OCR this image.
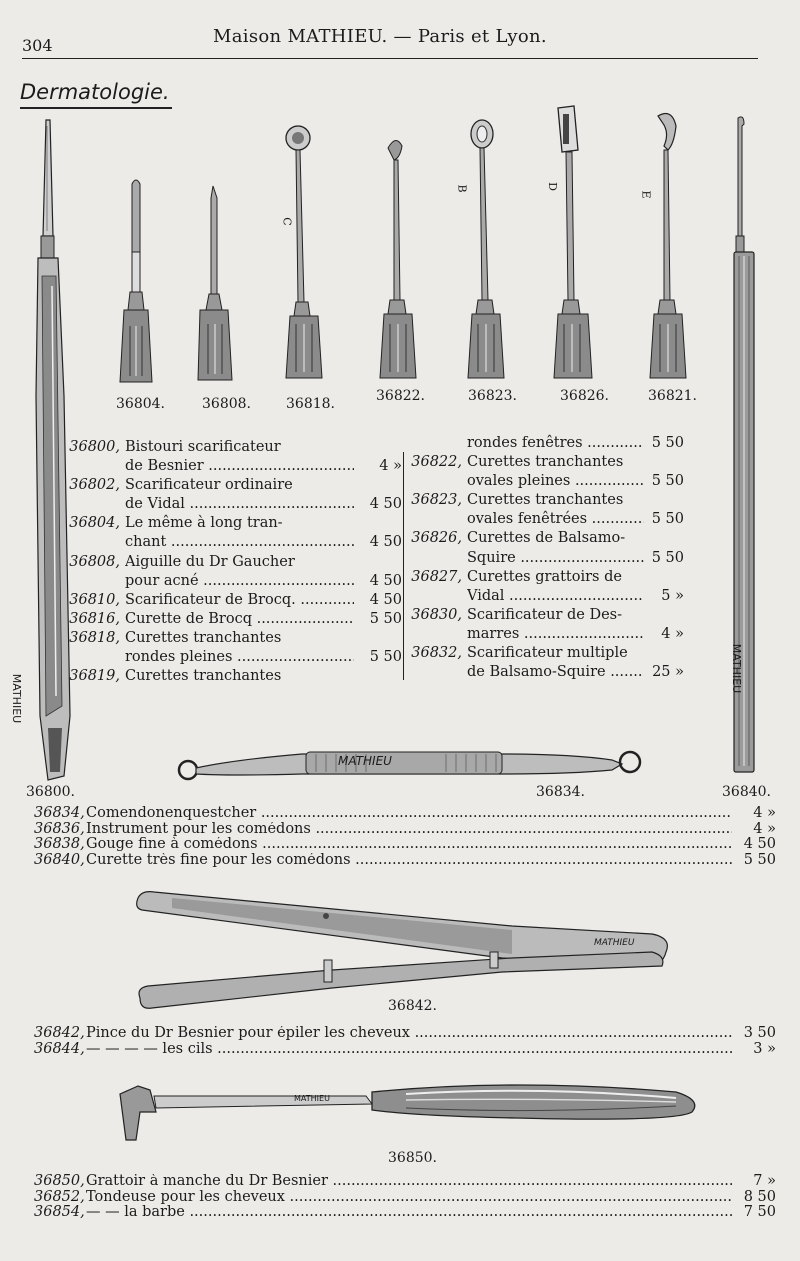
304	Maison MATHIEU. — Paris et Lyon.
Dermatologie.
MATHIEU
MATHIEU
C
B	D
E
36804.	36808.	36818.	36822.	36823.	36826.	36821.
36800, Bistouri scarificateur
de Besnier .....	4 »
36802, Scarificateur ordinaire
de Vidal .....	4 50
36804, Le même à long tran-
chant .....	4 50
36808, Aiguille du Dr Gaucher
pour acné .....	4 50
36810, Scarificateur de Brocq. .....	4 50
36816, Curette de Brocq .....	5 50
36818, Curettes tranchantes
rondes pleines .....	5 50
36819, Curettes tranchantes
rondes fenêtres .....	5 50
36822, Curettes tranchantes
ovales pleines .....	5 50
36823, Curettes tranchantes
ovales fenêtrées .....	5 50
36826, Curettes de Balsamo-
Squire .....	5 50
36827, Curettes grattoirs de
Vidal .....	5 »
36830, Scarificateur de Des-
marres .....	4 »
36832, Scarificateur multiple
de Balsamo-Squire .....	25 »
MATHIEU
36800.	36840.
36834.
36834, Comendonenquestcher .....	4 »
36836, Instrument pour les comédons .....	4 »
36838, Gouge fine à comédons .....	4 50
36840, Curette très fine pour les comédons .....	5 50
MATHIEU
36842.
36842, Pince du Dr Besnier pour épiler les cheveux .....	3 50
36844, — — — — les cils .....	3 »
MATHIEU
36850.
36850, Grattoir à manche du Dr Besnier .....	7 »
36852, Tondeuse pour les cheveux .....	8 50
36854, — — la barbe .....	7 50
